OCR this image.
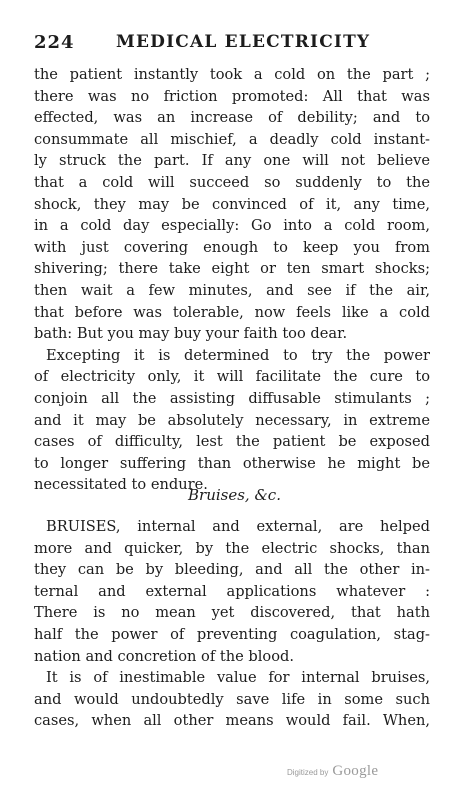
224 MEDICAL ELECTRICITY

the patient instantly took a cold on the part ;
there was no friction promoted: All that was
effected, was an increase of debility; and to
consummate all mischief, a deadly cold instant-
ly struck the part. If any one will not believe
that a cold will succeed so suddenly to the
shock, they may be convinced of it, any time,
in a cold day especially: Go into a cold room,
with just covering enough to keep you from
shivering; there take eight or ten smart shocks;
then wait a few minutes, and see if the air,
that before was tolerable, now feels like a cold
bath: But you may buy your faith too dear.

Excepting it is determined to try the power
of electricity only, it will facilitate the cure to
conjoin all the assisting diffusable stimulants ;
and it may be absolutely necessary, in extreme
cases of difficulty, lest the patient be exposed
to longer suffering than otherwise he might be
necessitated to endure.

Bruises, &c.

BRUISES, internal and external, are helped
more and quicker, by the electric shocks, than
they can be by bleeding, and all the other in-
ternal and external applications whatever :
There is no mean yet discovered, that hath
half the power of preventing coagulation, stag-
nation and concretion of the blood.

It is of inestimable value for internal bruises,
and would undoubtedly save life in some such
cases, when all other means would fail. When,

Digitized by Google
